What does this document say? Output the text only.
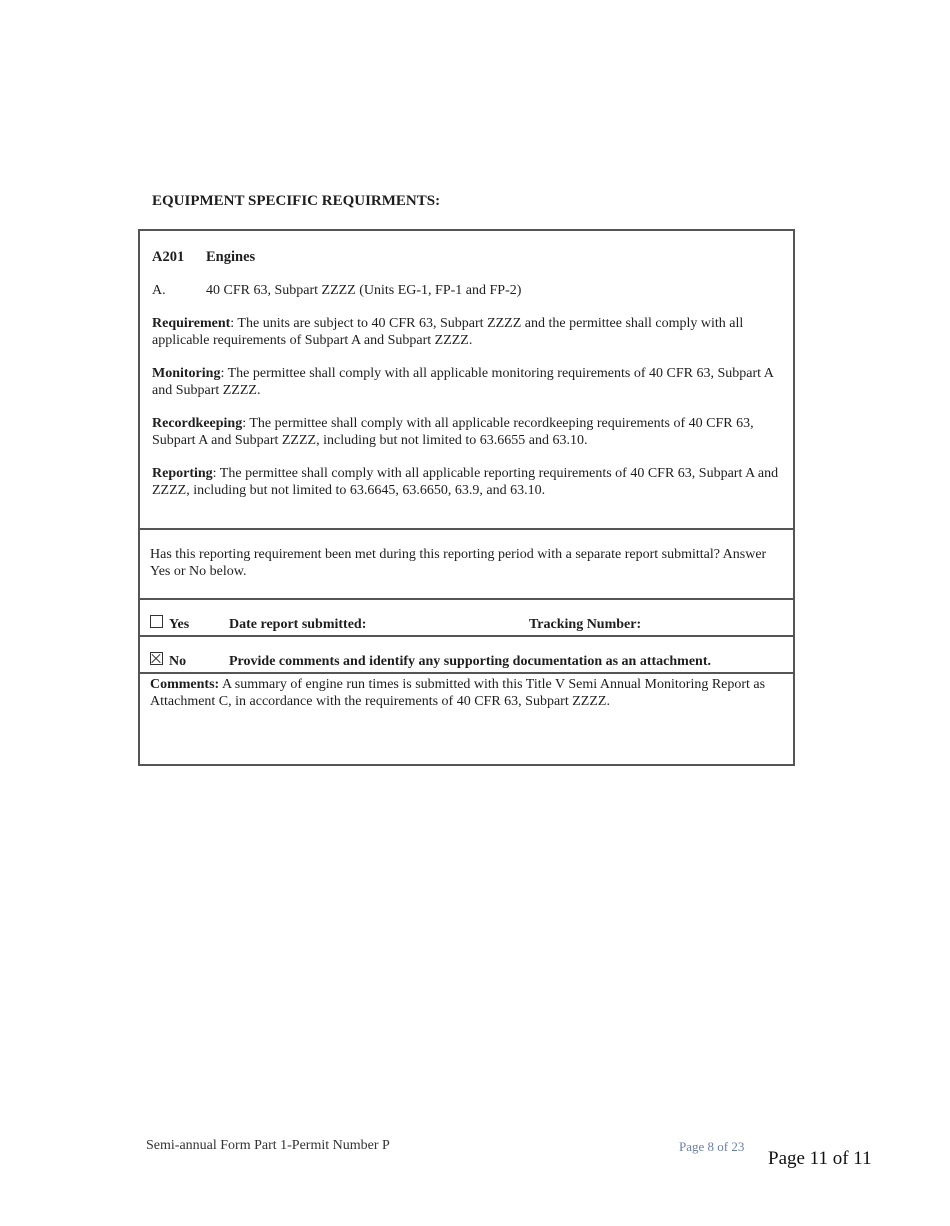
EQUIPMENT SPECIFIC REQUIRMENTS:
A201	Engines
A.	40 CFR 63, Subpart ZZZZ (Units EG-1, FP-1 and FP-2)

Requirement: The units are subject to 40 CFR 63, Subpart ZZZZ and the permittee shall comply with all applicable requirements of Subpart A and Subpart ZZZZ.

Monitoring: The permittee shall comply with all applicable monitoring requirements of 40 CFR 63, Subpart A and Subpart ZZZZ.

Recordkeeping: The permittee shall comply with all applicable recordkeeping requirements of 40 CFR 63, Subpart A and Subpart ZZZZ, including but not limited to 63.6655 and 63.10.

Reporting: The permittee shall comply with all applicable reporting requirements of 40 CFR 63, Subpart A and ZZZZ, including but not limited to 63.6645, 63.6650, 63.9, and 63.10.

Has this reporting requirement been met during this reporting period with a separate report submittal? Answer Yes or No below.

Yes	Date report submitted:	Tracking Number:
No	Provide comments and identify any supporting documentation as an attachment.

Comments: A summary of engine run times is submitted with this Title V Semi Annual Monitoring Report as Attachment C, in accordance with the requirements of 40 CFR 63, Subpart ZZZZ.

Semi-annual Form Part 1-Permit Number P	Page 8 of 23
Page 11 of 11
